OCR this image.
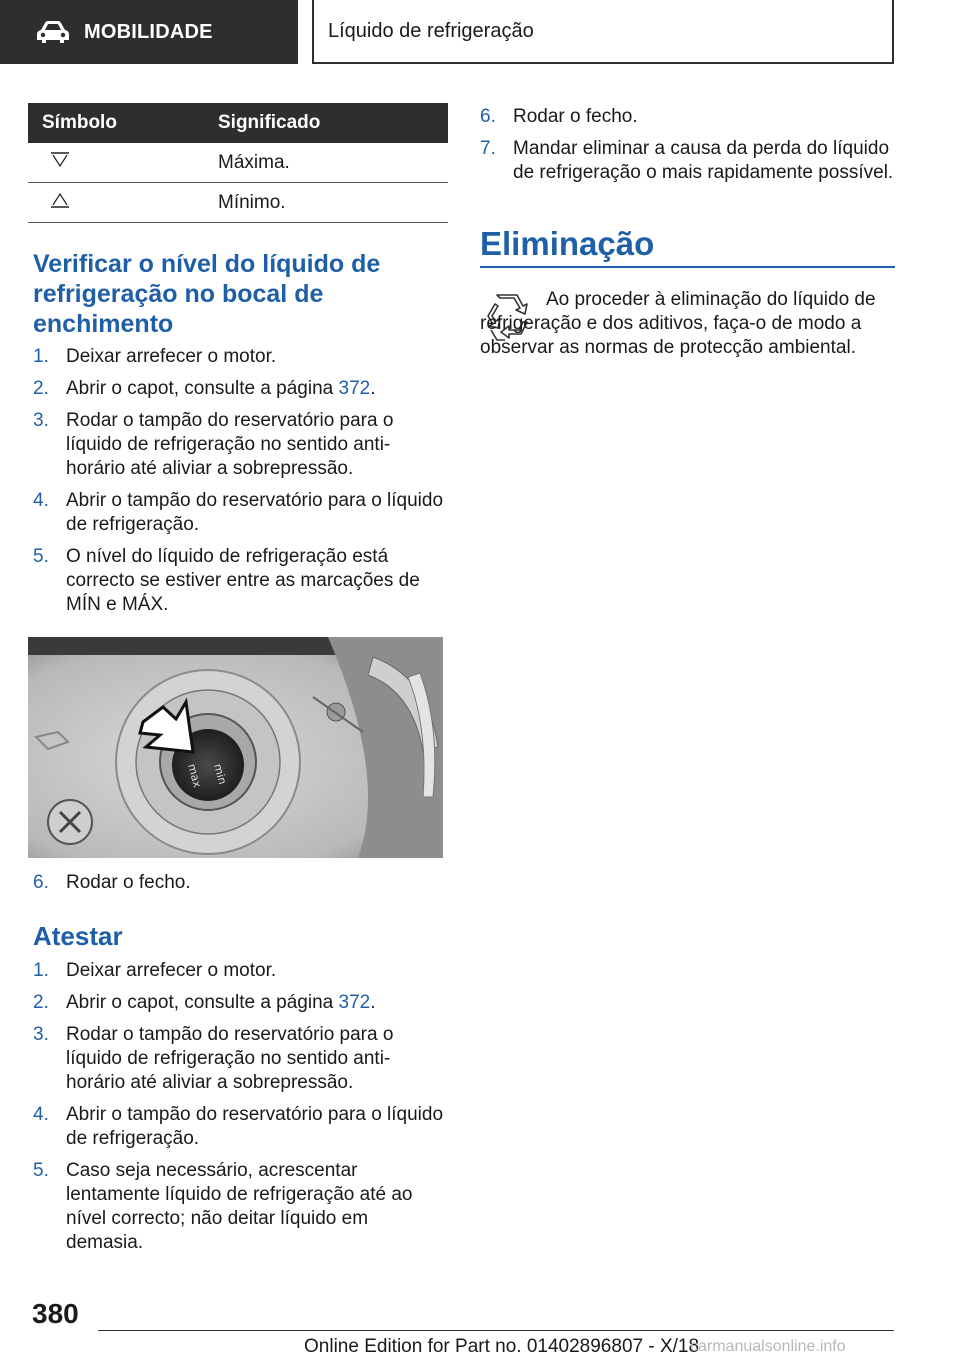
MOBILIDADE	Líquido de refrigeração
Símbolo	Significado
Máxima.
Mínimo.
Verificar o nível do líquido de refrigeração no bocal de enchimento
1. Deixar arrefecer o motor.
2. Abrir o capot, consulte a página 372.
3. Rodar o tampão do reservatório para o líquido de refrigeração no sentido anti-horário até aliviar a sobrepressão.
4. Abrir o tampão do reservatório para o líquido de refrigeração.
5. O nível do líquido de refrigeração está correcto se estiver entre as marcações de MÍN e MÁX.
min
max
6. Rodar o fecho.
Atestar
1. Deixar arrefecer o motor.
2. Abrir o capot, consulte a página 372.
3. Rodar o tampão do reservatório para o líquido de refrigeração no sentido anti-horário até aliviar a sobrepressão.
4. Abrir o tampão do reservatório para o líquido de refrigeração.
5. Caso seja necessário, acrescentar lentamente líquido de refrigeração até ao nível correcto; não deitar líquido em demasia.
6. Rodar o fecho.
7. Mandar eliminar a causa da perda do líquido de refrigeração o mais rapidamente possível.
Eliminação
Ao proceder à eliminação do líquido de refrigeração e dos aditivos, faça-o de modo a observar as normas de protecção ambiental.
380
Online Edition for Part no. 01402896807 - X/18
carmanualsonline.info
